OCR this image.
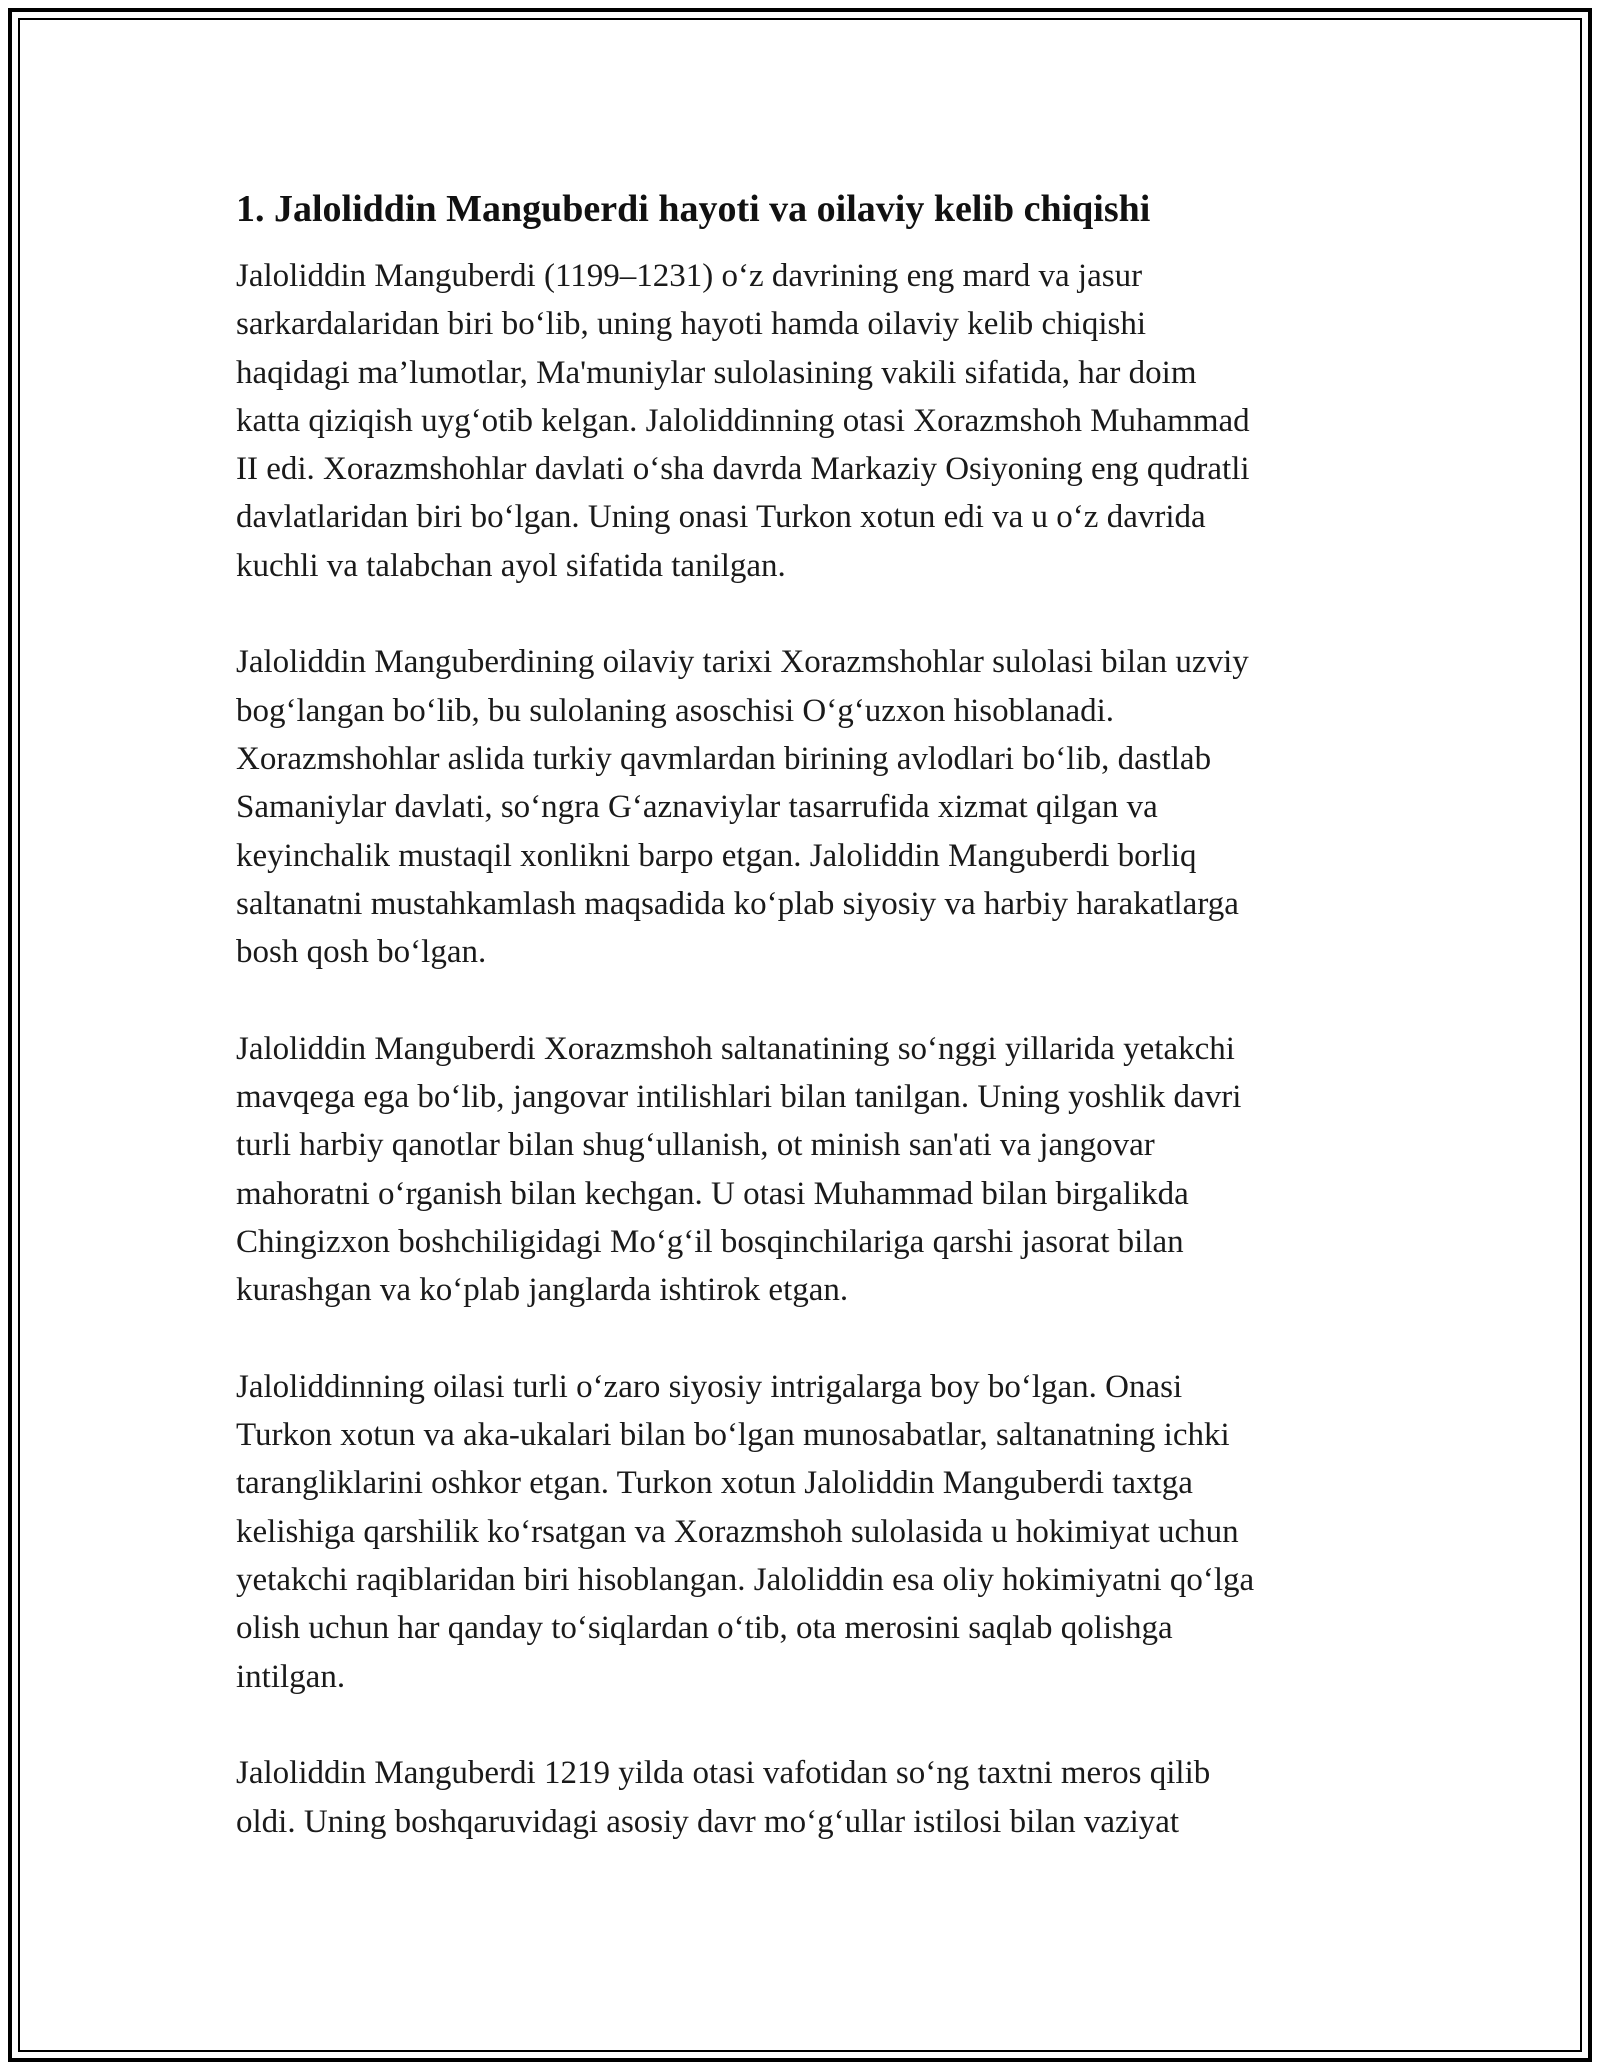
1. Jaloliddin Manguberdi hayoti va oilaviy kelib chiqishi
Jaloliddin Manguberdi (1199–1231) o‘z davrining eng mard va jasur
sarkardalaridan biri bo‘lib, uning hayoti hamda oilaviy kelib chiqishi
haqidagi ma’lumotlar, Ma'muniylar sulolasining vakili sifatida, har doim
katta qiziqish uyg‘otib kelgan. Jaloliddinning otasi Xorazmshoh Muhammad
II edi. Xorazmshohlar davlati o‘sha davrda Markaziy Osiyoning eng qudratli
davlatlaridan biri bo‘lgan. Uning onasi Turkon xotun edi va u o‘z davrida
kuchli va talabchan ayol sifatida tanilgan.
Jaloliddin Manguberdining oilaviy tarixi Xorazmshohlar sulolasi bilan uzviy
bog‘langan bo‘lib, bu sulolaning asoschisi O‘g‘uzxon hisoblanadi.
Xorazmshohlar aslida turkiy qavmlardan birining avlodlari bo‘lib, dastlab
Samaniylar davlati, so‘ngra G‘aznaviylar tasarrufida xizmat qilgan va
keyinchalik mustaqil xonlikni barpo etgan. Jaloliddin Manguberdi borliq
saltanatni mustahkamlash maqsadida ko‘plab siyosiy va harbiy harakatlarga
bosh qosh bo‘lgan.
Jaloliddin Manguberdi Xorazmshoh saltanatining so‘nggi yillarida yetakchi
mavqega ega bo‘lib, jangovar intilishlari bilan tanilgan. Uning yoshlik davri
turli harbiy qanotlar bilan shug‘ullanish, ot minish san'ati va jangovar
mahoratni o‘rganish bilan kechgan. U otasi Muhammad bilan birgalikda
Chingizxon boshchiligidagi Mo‘g‘il bosqinchilariga qarshi jasorat bilan
kurashgan va ko‘plab janglarda ishtirok etgan.
Jaloliddinning oilasi turli o‘zaro siyosiy intrigalarga boy bo‘lgan. Onasi
Turkon xotun va aka-ukalari bilan bo‘lgan munosabatlar, saltanatning ichki
tarangliklarini oshkor etgan. Turkon xotun Jaloliddin Manguberdi taxtga
kelishiga qarshilik ko‘rsatgan va Xorazmshoh sulolasida u hokimiyat uchun
yetakchi raqiblaridan biri hisoblangan. Jaloliddin esa oliy hokimiyatni qo‘lga
olish uchun har qanday to‘siqlardan o‘tib, ota merosini saqlab qolishga
intilgan.
Jaloliddin Manguberdi 1219 yilda otasi vafotidan so‘ng taxtni meros qilib
oldi. Uning boshqaruvidagi asosiy davr mo‘g‘ullar istilosi bilan vaziyat
